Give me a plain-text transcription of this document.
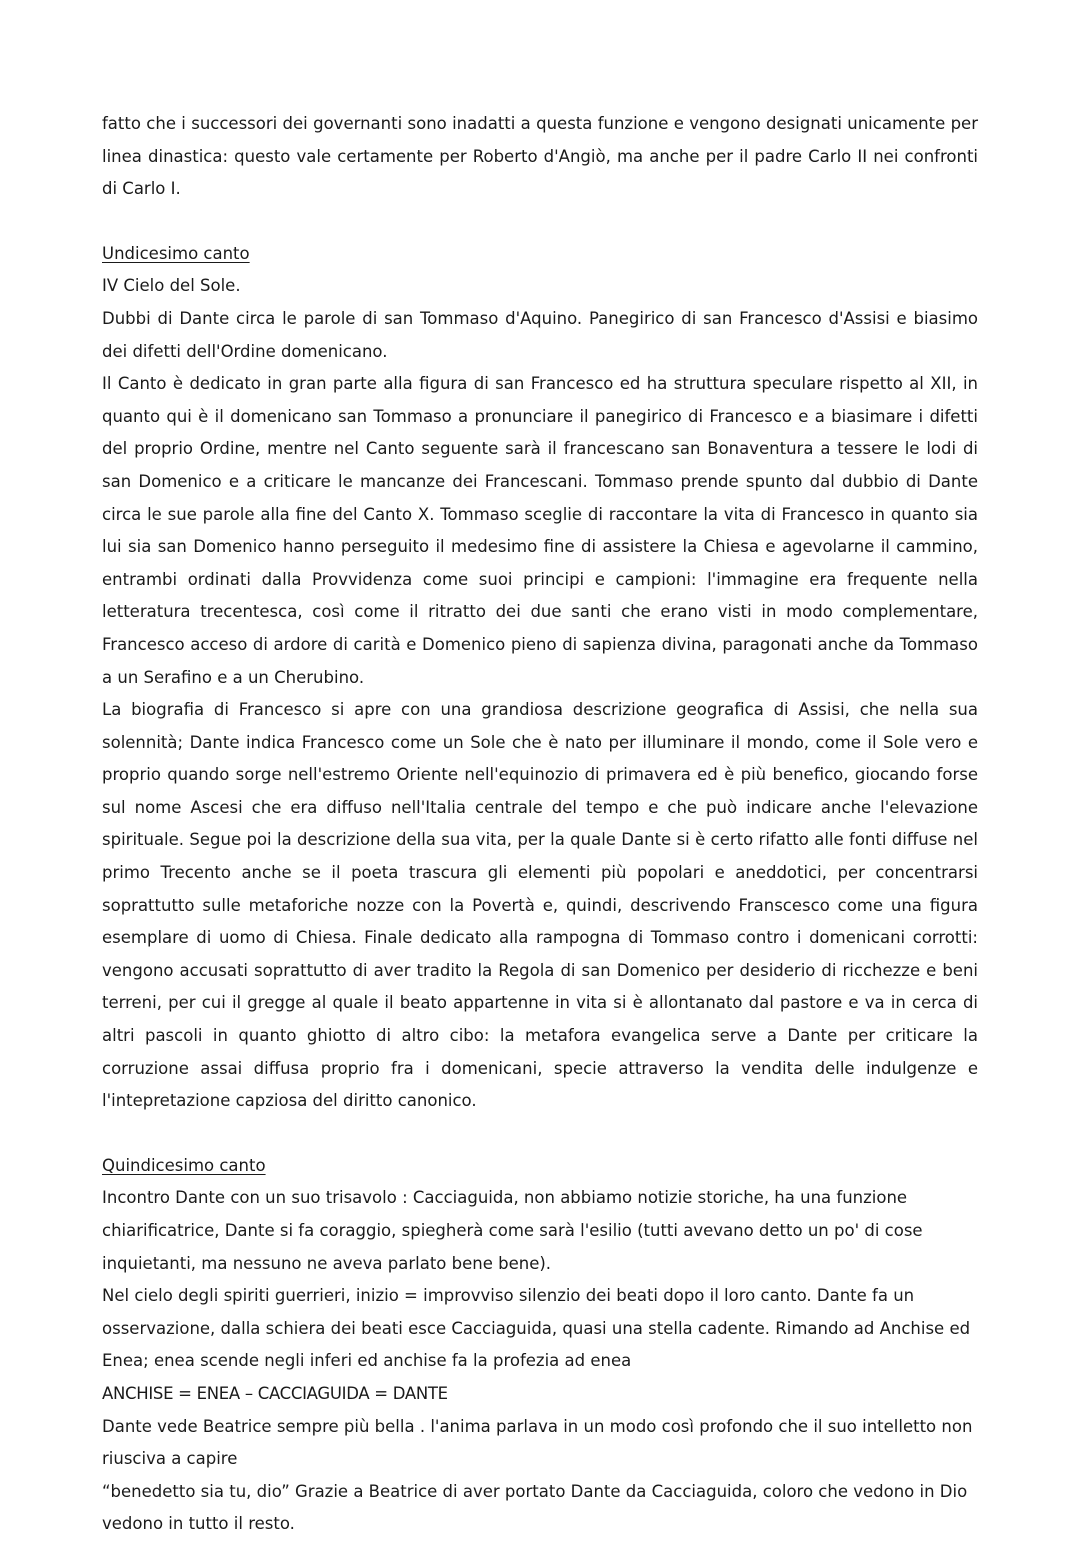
fatto che i successori dei governanti sono inadatti a questa funzione e vengono designati unicamente per linea dinastica: questo vale certamente per Roberto d'Angiò, ma anche per il padre Carlo II nei confronti di Carlo I.

Undicesimo canto

IV Cielo del Sole.

Dubbi di Dante circa le parole di san Tommaso d'Aquino. Panegirico di san Francesco d'Assisi e biasimo dei difetti dell'Ordine domenicano.

Il Canto è dedicato in gran parte alla figura di san Francesco ed ha struttura speculare rispetto al XII, in quanto qui è il domenicano san Tommaso a pronunciare il panegirico di Francesco e a biasimare i difetti del proprio Ordine, mentre nel Canto seguente sarà il francescano san Bonaventura a tessere le lodi di san Domenico e a criticare le mancanze dei Francescani. Tommaso prende spunto dal dubbio di Dante circa le sue parole alla fine del Canto X. Tommaso sceglie di raccontare la vita di Francesco in quanto sia lui sia san Domenico hanno perseguito il medesimo fine di assistere la Chiesa e agevolarne il cammino, entrambi ordinati dalla Provvidenza come suoi principi e campioni: l'immagine era frequente nella letteratura trecentesca, così come il ritratto dei due santi che erano visti in modo complementare, Francesco acceso di ardore di carità e Domenico pieno di sapienza divina, paragonati anche da Tommaso a un Serafino e a un Cherubino.

La biografia di Francesco si apre con una grandiosa descrizione geografica di Assisi, che nella sua solennità; Dante indica Francesco come un Sole che è nato per illuminare il mondo, come il Sole vero e proprio quando sorge nell'estremo Oriente nell'equinozio di primavera ed è più benefico, giocando forse sul nome Ascesi che era diffuso nell'Italia centrale del tempo e che può indicare anche l'elevazione spirituale. Segue poi la descrizione della sua vita, per la quale Dante si è certo rifatto alle fonti diffuse nel primo Trecento anche se il poeta trascura gli elementi più popolari e aneddotici, per concentrarsi soprattutto sulle metaforiche nozze con la Povertà e, quindi, descrivendo Franscesco come una figura esemplare di uomo di Chiesa. Finale dedicato alla rampogna di Tommaso contro i domenicani corrotti: vengono accusati soprattutto di aver tradito la Regola di san Domenico per desiderio di ricchezze e beni terreni, per cui il gregge al quale il beato appartenne in vita si è allontanato dal pastore e va in cerca di altri pascoli in quanto ghiotto di altro cibo: la metafora evangelica serve a Dante per criticare la corruzione assai diffusa proprio fra i domenicani, specie attraverso la vendita delle indulgenze e l'intepretazione capziosa del diritto canonico.

Quindicesimo canto

Incontro Dante con un suo trisavolo : Cacciaguida, non abbiamo notizie storiche, ha una funzione chiarificatrice, Dante si fa coraggio, spiegherà come sarà l'esilio (tutti avevano detto un po' di cose inquietanti, ma nessuno ne aveva parlato bene bene).

Nel cielo degli spiriti guerrieri, inizio = improvviso silenzio dei beati dopo il loro canto. Dante fa un osservazione, dalla schiera dei beati esce Cacciaguida, quasi una stella cadente. Rimando ad Anchise ed Enea; enea scende negli inferi ed anchise fa la profezia ad enea

ANCHISE = ENEA – CACCIAGUIDA = DANTE

Dante vede Beatrice sempre più bella . l'anima parlava in un modo così profondo che il suo intelletto non riusciva a capire

“benedetto sia tu, dio” Grazie a Beatrice di aver portato Dante da Cacciaguida, coloro che vedono in Dio vedono in tutto il resto.
